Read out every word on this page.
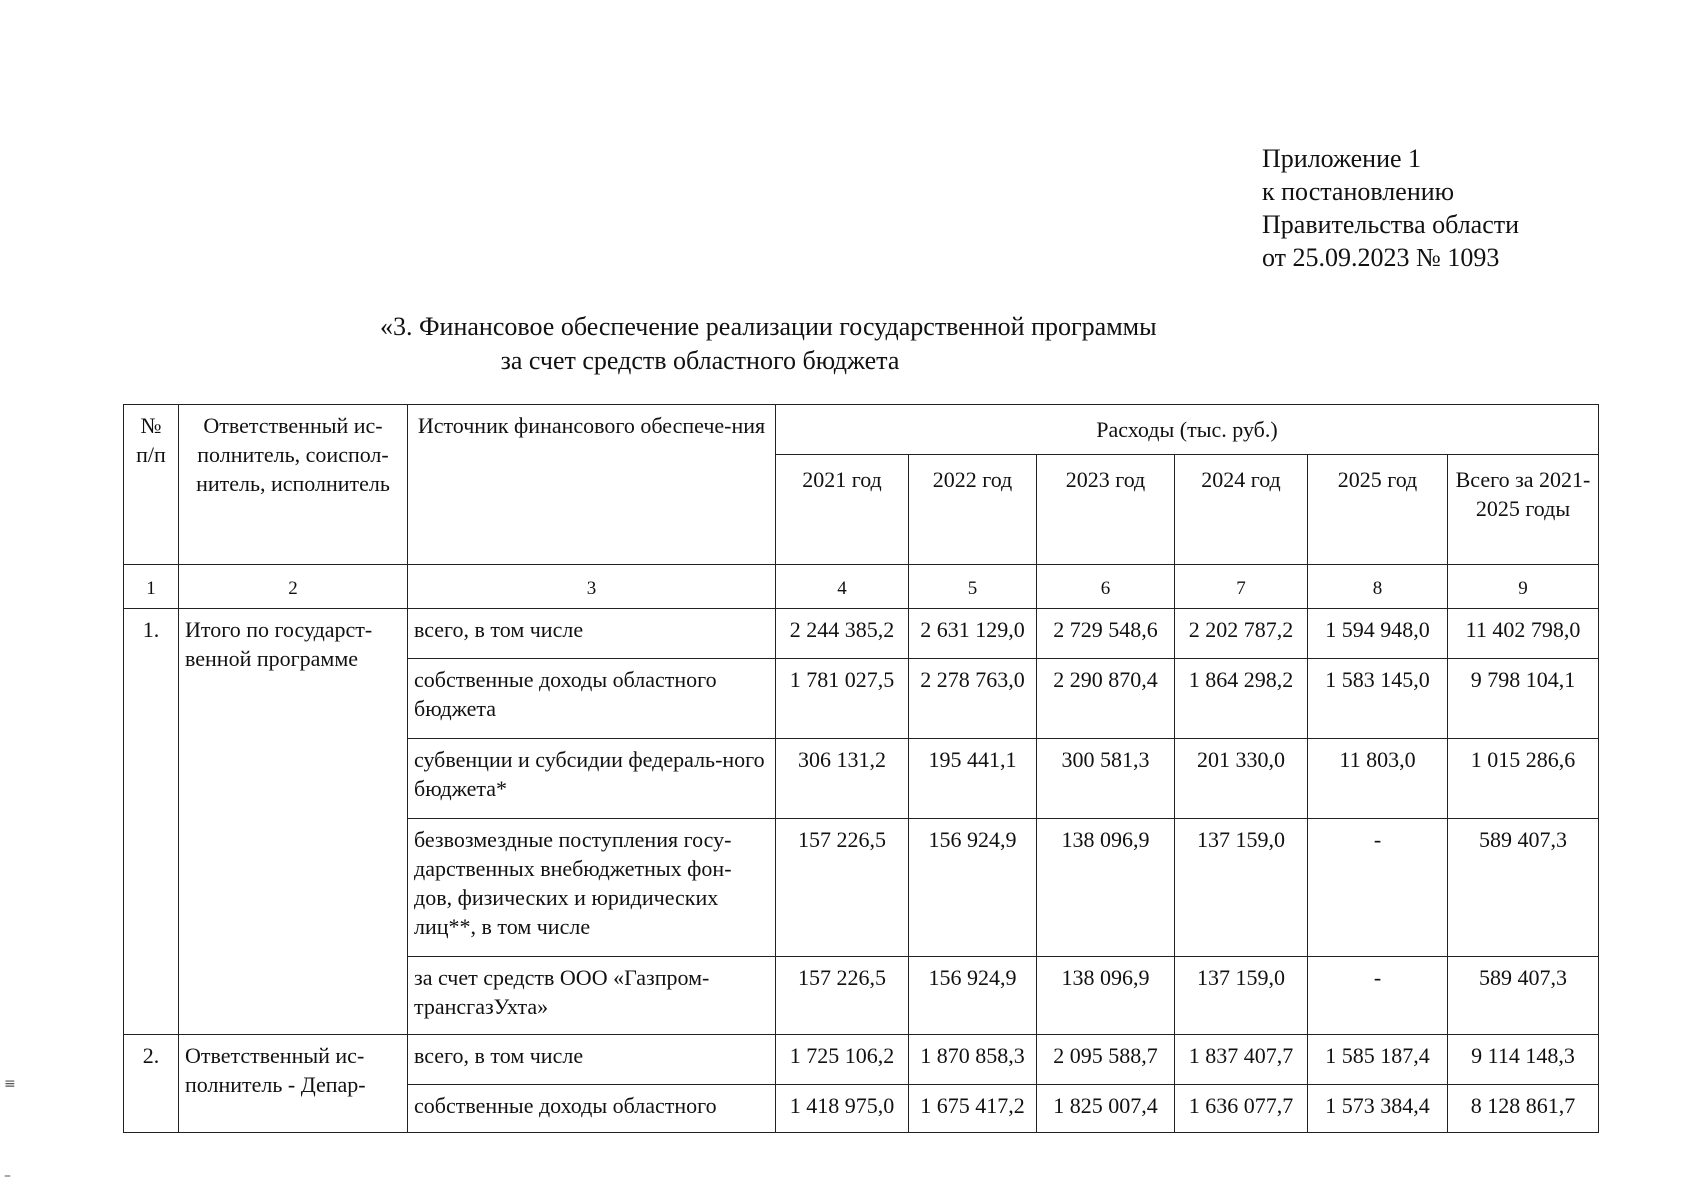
Приложение 1
к постановлению
Правительства области
от 25.09.2023 № 1093
«3. Финансовое обеспечение реализации государственной программы
за счет средств областного бюджета
≡
–
№ п/п	Ответственный ис-полнитель, соиспол-нитель, исполнитель	Источник финансового обеспече-ния	Расходы (тыс. руб.)					
			2021 год	2022 год	2023 год	2024 год	2025 год	Всего за 2021-2025 годы
1	2	3	4	5	6	7	8	9
1.	Итого по государст-венной программе	всего, в том числе	2 244 385,2	2 631 129,0	2 729 548,6	2 202 787,2	1 594 948,0	11 402 798,0
		собственные доходы областного бюджета	1 781 027,5	2 278 763,0	2 290 870,4	1 864 298,2	1 583 145,0	9 798 104,1
		субвенции и субсидии федераль-ного бюджета*	306 131,2	195 441,1	300 581,3	201 330,0	11 803,0	1 015 286,6
		безвозмездные поступления госу-дарственных внебюджетных фон-дов, физических и юридических лиц**, в том числе	157 226,5	156 924,9	138 096,9	137 159,0	-	589 407,3
		за счет средств ООО «Газпром-трансгазУхта»	157 226,5	156 924,9	138 096,9	137 159,0	-	589 407,3
2.	Ответственный ис-полнитель - Депар-	всего, в том числе	1 725 106,2	1 870 858,3	2 095 588,7	1 837 407,7	1 585 187,4	9 114 148,3
		собственные доходы областного	1 418 975,0	1 675 417,2	1 825 007,4	1 636 077,7	1 573 384,4	8 128 861,7
